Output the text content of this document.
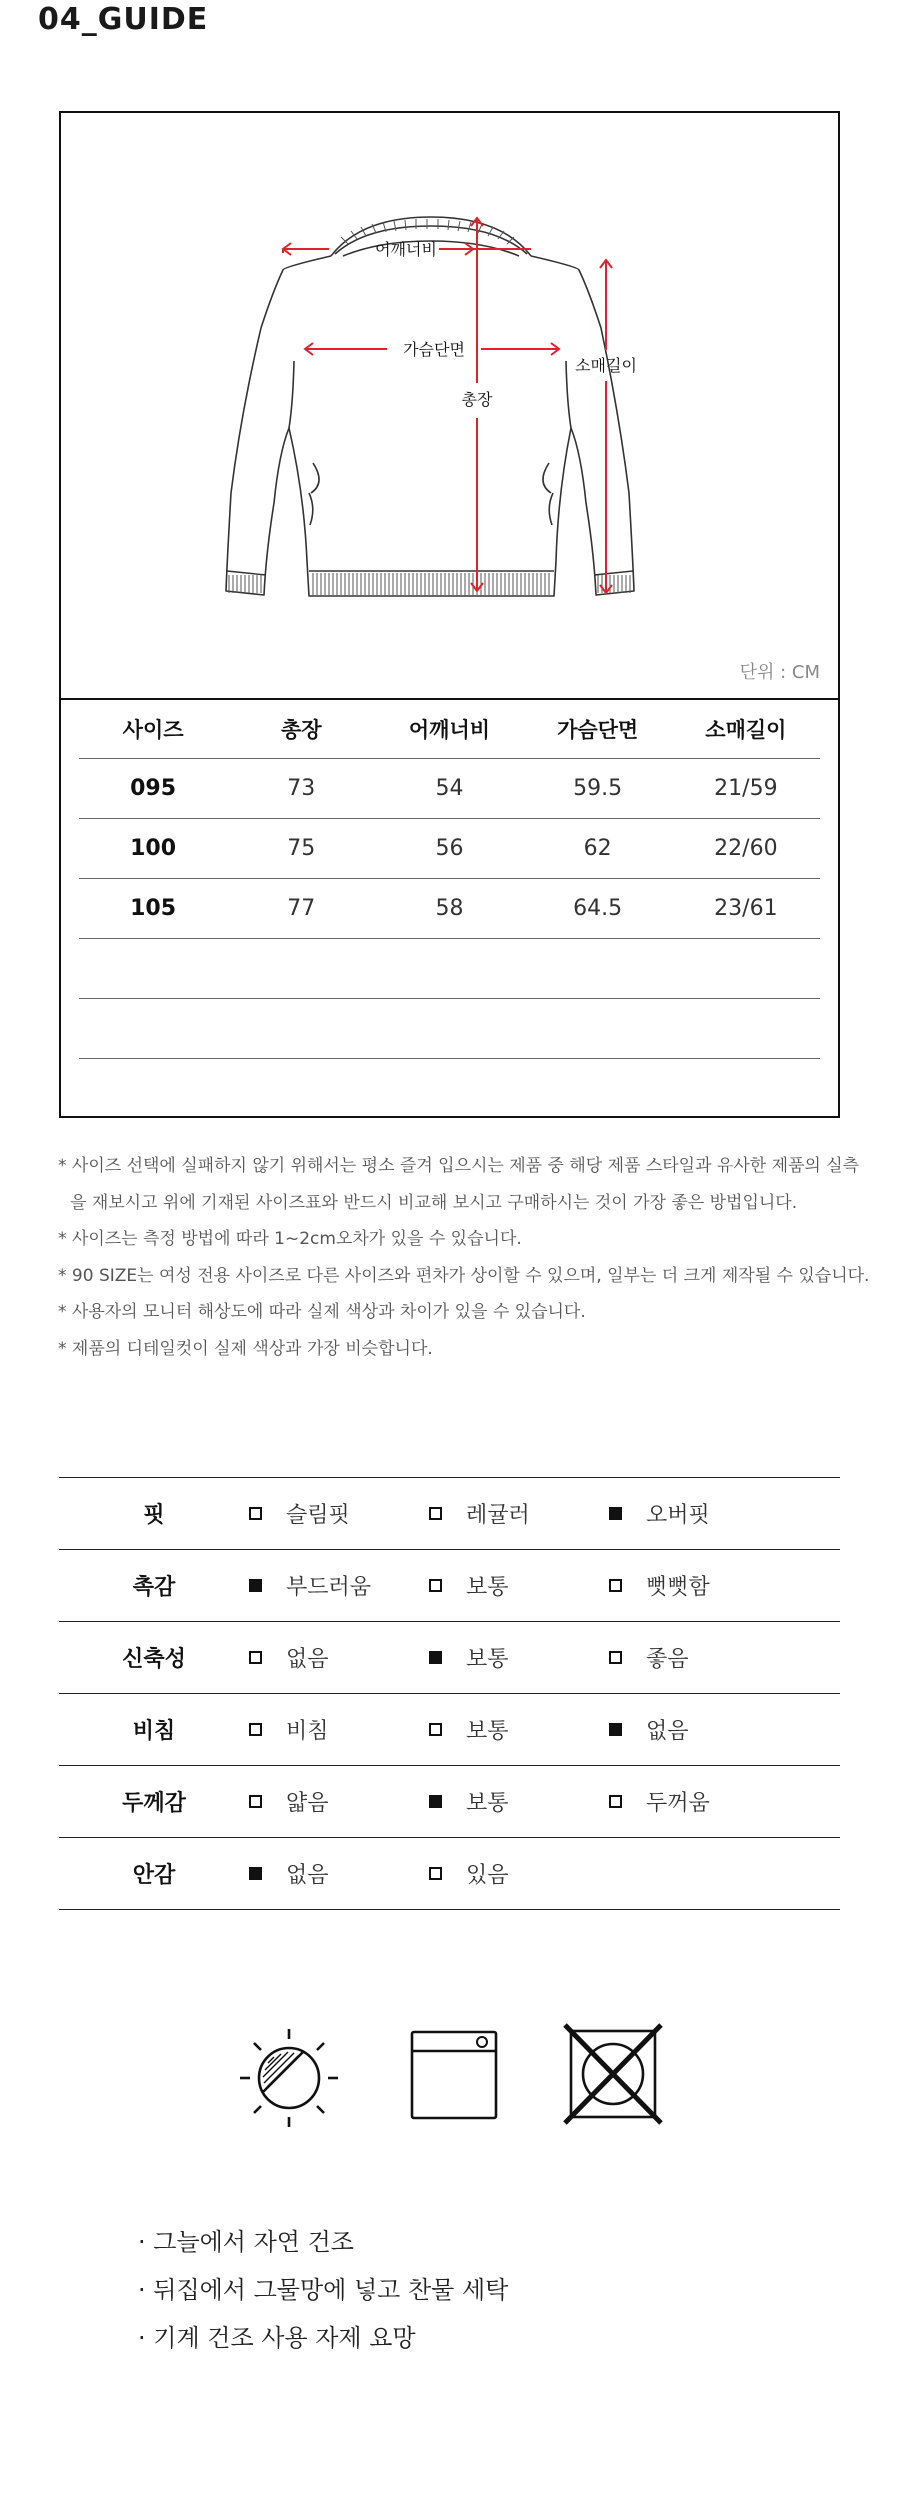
04_GUIDE
어깨너비
가슴단면
총장
소매길이
단위 : CM
사이즈	총장	어깨너비	가슴단면	소매길이
095	73	54	59.5	21/59
100	75	56	62	22/60
105	77	58	64.5	23/61

* 사이즈 선택에 실패하지 않기 위해서는 평소 즐겨 입으시는 제품 중 해당 제품 스타일과 유사한 제품의 실측
을 재보시고 위에 기재된 사이즈표와 반드시 비교해 보시고 구매하시는 것이 가장 좋은 방법입니다.
* 사이즈는 측정 방법에 따라 1~2cm오차가 있을 수 있습니다.
* 90 SIZE는 여성 전용 사이즈로 다른 사이즈와 편차가 상이할 수 있으며, 일부는 더 크게 제작될 수 있습니다.
* 사용자의 모니터 해상도에 따라 실제 색상과 차이가 있을 수 있습니다.
* 제품의 디테일컷이 실제 색상과 가장 비슷합니다.
핏	슬림핏	레귤러	오버핏
촉감	부드러움	보통	뻣뻣함
신축성	없음	보통	좋음
비침	비침	보통	없음
두께감	얇음	보통	두꺼움
안감	없음	있음
· 그늘에서 자연 건조
· 뒤집에서 그물망에 넣고 찬물 세탁
· 기계 건조 사용 자제 요망
